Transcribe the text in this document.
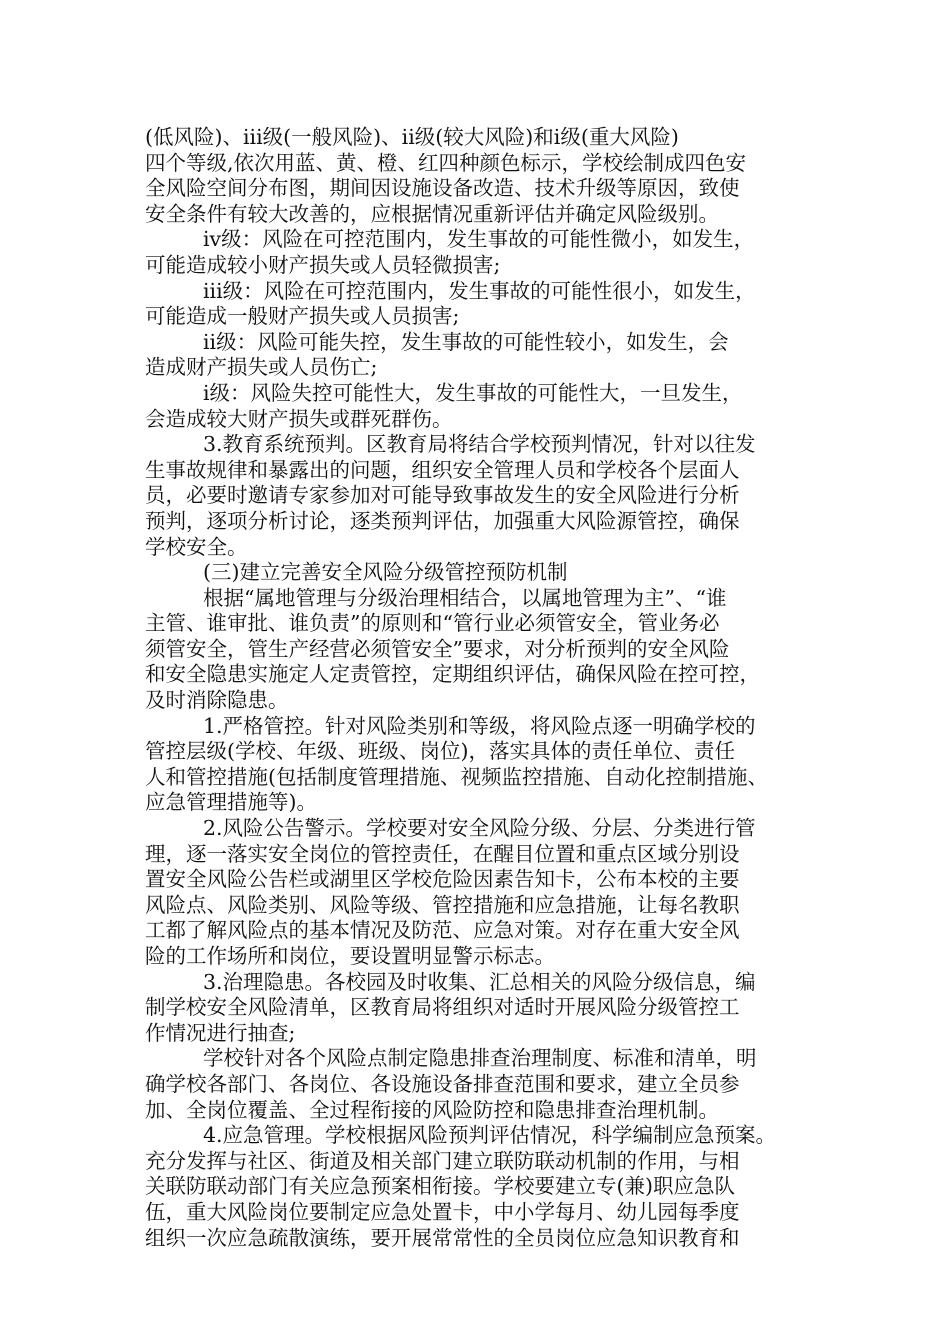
(低风险)、iii级(一般风险)、ii级(较大风险)和i级(重大风险)
四个等级,依次用蓝、黄、橙、红四种颜色标示，学校绘制成四色安
全风险空间分布图，期间因设施设备改造、技术升级等原因，致使
安全条件有较大改善的，应根据情况重新评估并确定风险级别。
iv级：风险在可控范围内，发生事故的可能性微小，如发生，
可能造成较小财产损失或人员轻微损害;
iii级：风险在可控范围内，发生事故的可能性很小，如发生，
可能造成一般财产损失或人员损害;
ii级：风险可能失控，发生事故的可能性较小，如发生，会
造成财产损失或人员伤亡;
i级：风险失控可能性大，发生事故的可能性大，一旦发生，
会造成较大财产损失或群死群伤。
3.教育系统预判。区教育局将结合学校预判情况，针对以往发
生事故规律和暴露出的问题，组织安全管理人员和学校各个层面人
员，必要时邀请专家参加对可能导致事故发生的安全风险进行分析
预判，逐项分析讨论，逐类预判评估，加强重大风险源管控，确保
学校安全。
(三)建立完善安全风险分级管控预防机制
根据“属地管理与分级治理相结合，以属地管理为主”、“谁
主管、谁审批、谁负责”的原则和“管行业必须管安全，管业务必
须管安全，管生产经营必须管安全”要求，对分析预判的安全风险
和安全隐患实施定人定责管控，定期组织评估，确保风险在控可控，
及时消除隐患。
1.严格管控。针对风险类别和等级，将风险点逐一明确学校的
管控层级(学校、年级、班级、岗位)，落实具体的责任单位、责任
人和管控措施(包括制度管理措施、视频监控措施、自动化控制措施、
应急管理措施等)。
2.风险公告警示。学校要对安全风险分级、分层、分类进行管
理，逐一落实安全岗位的管控责任，在醒目位置和重点区域分别设
置安全风险公告栏或湖里区学校危险因素告知卡，公布本校的主要
风险点、风险类别、风险等级、管控措施和应急措施，让每名教职
工都了解风险点的基本情况及防范、应急对策。对存在重大安全风
险的工作场所和岗位，要设置明显警示标志。
3.治理隐患。各校园及时收集、汇总相关的风险分级信息，编
制学校安全风险清单，区教育局将组织对适时开展风险分级管控工
作情况进行抽查;
学校针对各个风险点制定隐患排查治理制度、标准和清单，明
确学校各部门、各岗位、各设施设备排查范围和要求，建立全员参
加、全岗位覆盖、全过程衔接的风险防控和隐患排查治理机制。
4.应急管理。学校根据风险预判评估情况，科学编制应急预案。
充分发挥与社区、街道及相关部门建立联防联动机制的作用，与相
关联防联动部门有关应急预案相衔接。学校要建立专(兼)职应急队
伍，重大风险岗位要制定应急处置卡，中小学每月、幼儿园每季度
组织一次应急疏散演练，要开展常常性的全员岗位应急知识教育和
